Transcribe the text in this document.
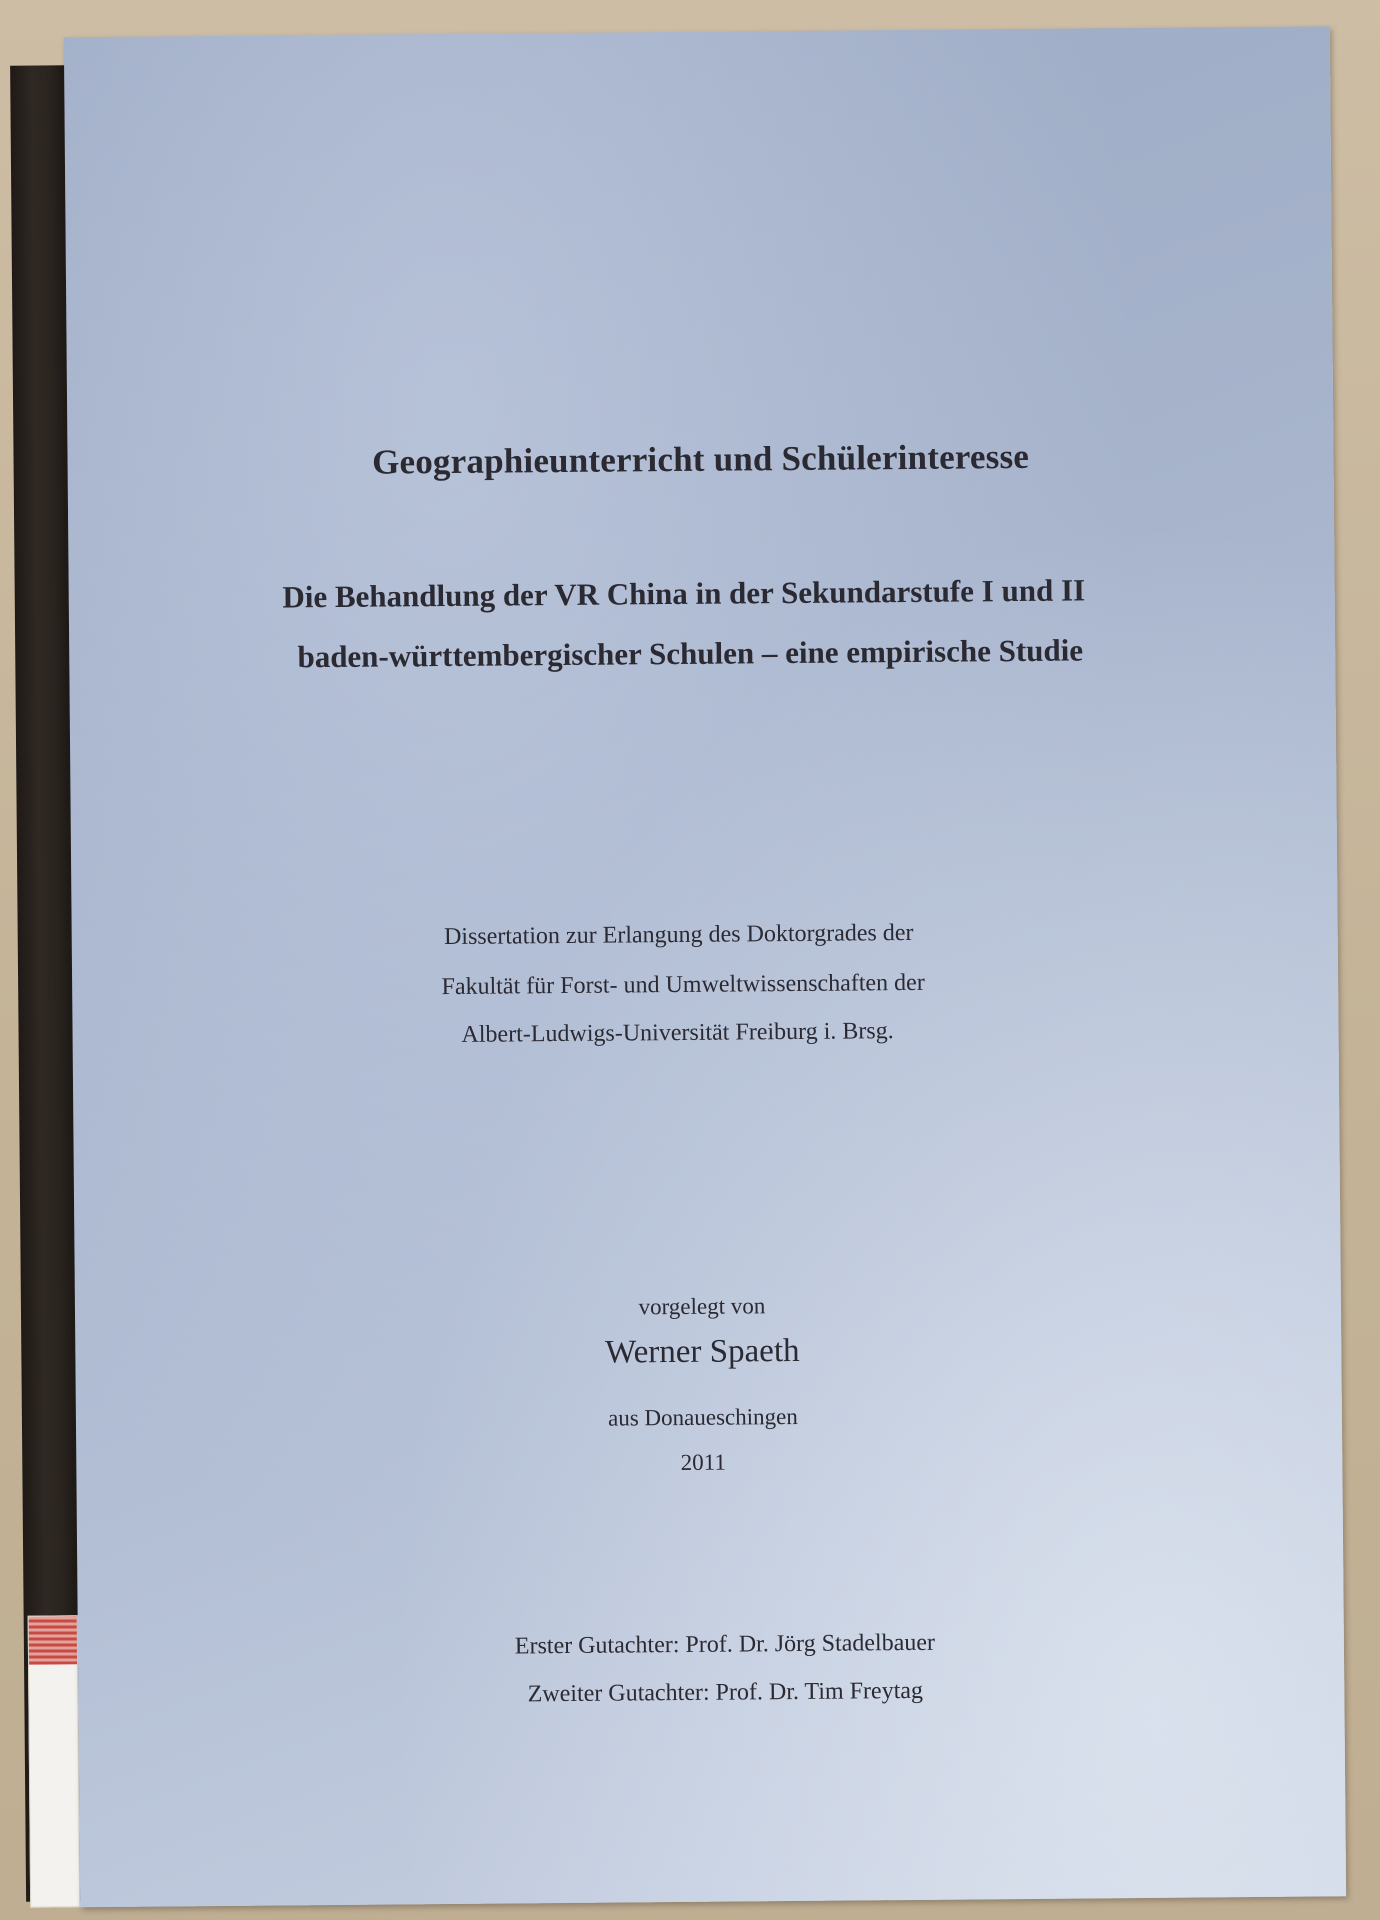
Geographieunterricht und Schülerinteresse
Die Behandlung der VR China in der Sekundarstufe I und II
baden-württembergischer Schulen – eine empirische Studie
Dissertation zur Erlangung des Doktorgrades der
Fakultät für Forst- und Umweltwissenschaften der
Albert-Ludwigs-Universität Freiburg i. Brsg.
vorgelegt von
Werner Spaeth
aus Donaueschingen
2011
Erster Gutachter: Prof. Dr. Jörg Stadelbauer
Zweiter Gutachter: Prof. Dr. Tim Freytag
